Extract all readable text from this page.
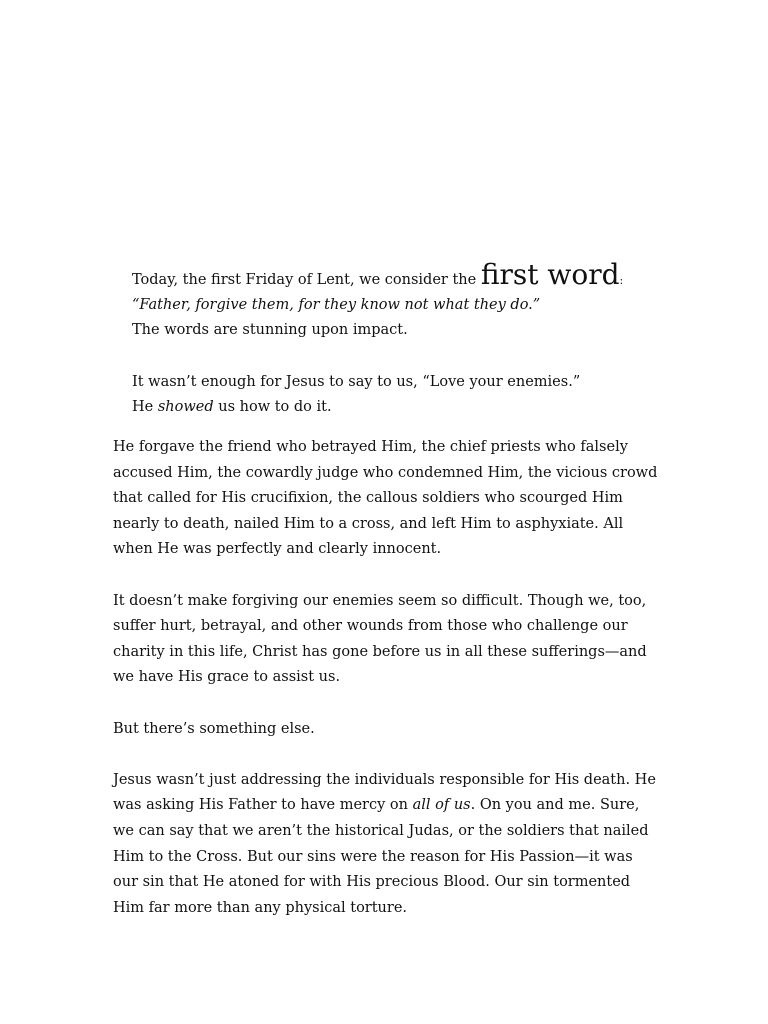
Today, the first Friday of Lent, we consider the first word:
“Father, forgive them, for they know not what they do.”
The words are stunning upon impact.
It wasn’t enough for Jesus to say to us, “Love your enemies.”
He showed us how to do it.

He forgave the friend who betrayed Him, the chief priests who falsely
accused Him, the cowardly judge who condemned Him, the vicious crowd
that called for His crucifixion, the callous soldiers who scourged Him
nearly to death, nailed Him to a cross, and left Him to asphyxiate. All
when He was perfectly and clearly innocent.

It doesn’t make forgiving our enemies seem so difficult. Though we, too,
suffer hurt, betrayal, and other wounds from those who challenge our
charity in this life, Christ has gone before us in all these sufferings—and
we have His grace to assist us.

But there’s something else.

Jesus wasn’t just addressing the individuals responsible for His death. He
was asking His Father to have mercy on all of us. On you and me. Sure,
we can say that we aren’t the historical Judas, or the soldiers that nailed
Him to the Cross. But our sins were the reason for His Passion—it was
our sin that He atoned for with His precious Blood. Our sin tormented
Him far more than any physical torture.
